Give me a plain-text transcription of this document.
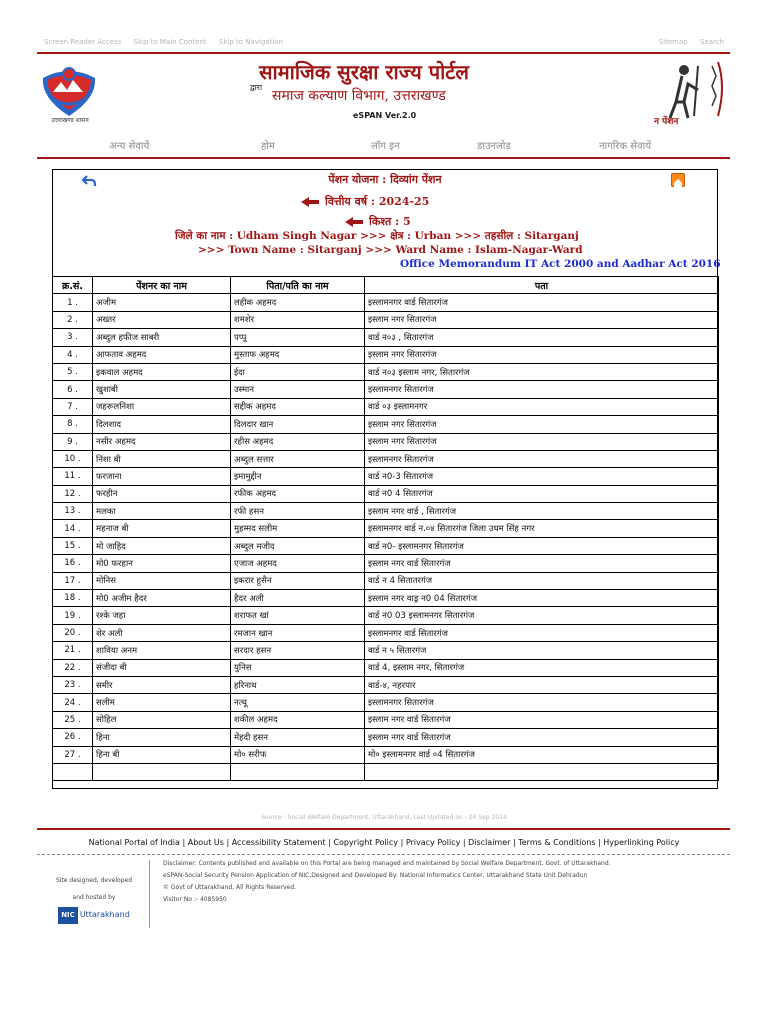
Screen Reader Access Skip to Main Content Skip to Navigation	Sitemap Search
उत्तराखण्ड शासन
सामाजिक सुरक्षा राज्य पोर्टल
द्वारा
समाज कल्याण विभाग, उत्तराखण्ड
eSPAN Ver.2.0
न पेंशन
अन्य सेवायें	होम	लॉग इन	डाउनलोड	नागरिक सेवायें
पेंशन योजना : दिव्यांग पेंशन
वित्तीय वर्ष : 2024-25
किश्त : 5
जिले का नाम : Udham Singh Nagar >>> क्षेत्र : Urban >>> तहसील : Sitarganj
>>> Town Name : Sitarganj >>> Ward Name : Islam-Nagar-Ward
Office Memorandum IT Act 2000 and Aadhar Act 2016
क्र.सं.	पेंशनर का नाम	पिता/पति का नाम	पता
1 .	अजीम	लहीक अहमद	इस्लामनगर वार्ड सितारगंज
2 .	अख्तर	शमशेर	इस्लाम नगर सितारगंज
3 .	अब्दुल हफीज साबरी	पप्पू	वार्ड न०३ , सितारगंज
4 .	आफताव अहमद	मुस्ताफ अहमद	इस्लाम नगर सितारगंज
5 .	इकवाल अहमद	ईदा	वार्ड न०३ इस्लाम नगर, सितारगंज
6 .	खुशाबी	उस्मान	इस्लामनगर सितारगंज
7 .	जहरूलनिशा	सद्दीक अहमद	वार्ड ०३ इस्लामनगर
8 .	दिलशाद	दिलदार खान	इस्लाम नगर सितारगंज
9 .	नसीर अहमद	रहीस अहमद	इस्लाम नगर सितारगंज
10 .	निशा बी	अब्दुल सत्तार	इस्लामनगर सितारगंज
11 .	फरजाना	इमामुद्दीन	वार्ड न0-3 सितारगंज
12 .	फरहीन	रफीक अहमद	वार्ड न0 4 सितारगंज
13 .	मलका	रफी हसन	इस्लाम नगर वार्ड , सितारगंज
14 .	महनाज बी	मुहम्मद सलीम	इस्लामनगर वार्ड न.०४ सितारगंज जिला उधम सिंह नगर
15 .	मो जाहिद	अब्दुल मजीद	वार्ड न0- इस्लामनगर सितारगंज
16 .	मो0 फरहान	एजाज अहमद	इस्लाम नगर वार्ड सितारगंज
17 .	मोनिस	इकरार हुसैन	वार्ड न 4 सितातरगंज
18 .	मो0 अजीम हैदर	हैदर अली	इस्लाम नगर वाड्र न0 04 सितारगंज
19 .	रश्के जहा	शराफत खां	वार्ड न0 03 इस्लामनगर सितारगंज
20 .	शेर अली	रमजान खान	इस्लामनगर वार्ड सितारगंज
21 .	शाविया अनम	सरदार हसन	वार्ड न ५ सितारगंज
22 .	संजीदा बी	युनिस	वार्ड 4, इस्लाम नगर, सितारगंज
23 .	समीर	हरिनाथ	वार्ड-४, नहरपार
24 .	सलीम	नत्थू	इस्लामनगर सितारगंज
25 .	सोहिल	शकील अहमद	इस्लाम नगर वार्ड सितारगंज
26 .	हिना	मेंहदी हसन	इस्लाम नगर वार्ड सितारगंज
27 .	हिना बी	मो० सरीफ	मो० इस्लामनगर वार्ड ०4 सितारगंज

Source : Social Welfare Department, Uttarakhand, Last Updated on - 24 Sep 2024
National Portal of India | About Us | Accessibility Statement | Copyright Policy | Privacy Policy | Disclaimer | Terms & Conditions | Hyperlinking Policy
Site designed, developed
and hosted by
NIC Uttarakhand
Disclaimer: Contents published and available on this Portal are being managed and maintained by Social Welfare Department, Govt. of Uttarakhand.
eSPAN-Social Security Pension Application of NIC,Designed and Developed By: National Informatics Center, Uttarakhand State Unit Dehradun
© Govt of Uttarakhand, All Rights Reserved.
Visitor No :- 4085950
